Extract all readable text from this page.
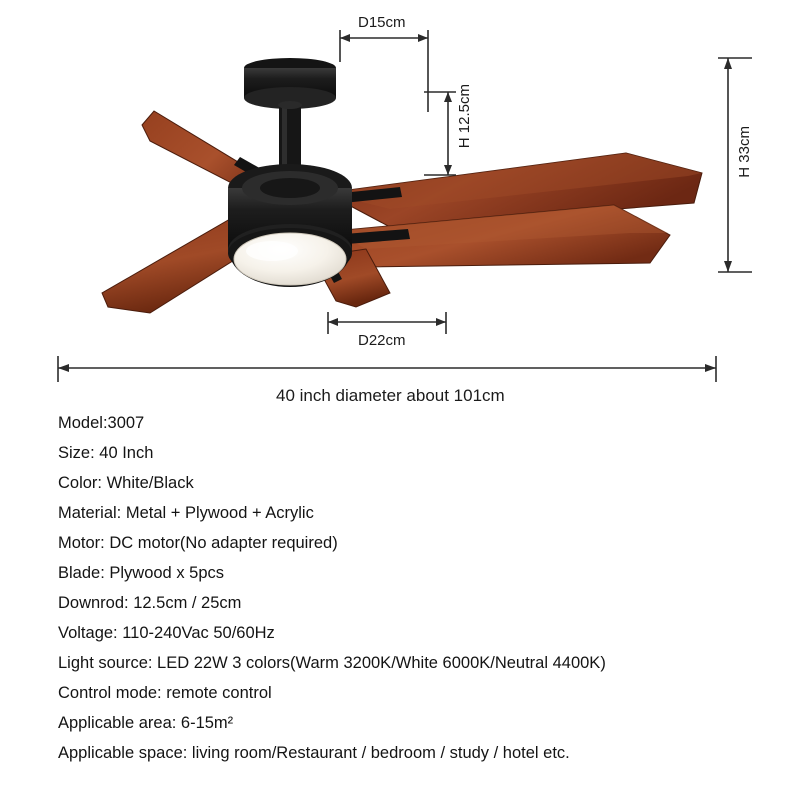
D15cm
H 12.5cm
H 33cm
D22cm
40 inch diameter about 101cm
Model:3007
Size: 40 Inch
Color: White/Black
Material: Metal + Plywood + Acrylic
Motor: DC motor(No adapter required)
Blade: Plywood x 5pcs
Downrod: 12.5cm / 25cm
Voltage: 110-240Vac 50/60Hz
Light source: LED 22W 3 colors(Warm 3200K/White 6000K/Neutral 4400K)
Control mode: remote control
Applicable area: 6-15m²
Applicable space: living room/Restaurant / bedroom / study / hotel etc.
